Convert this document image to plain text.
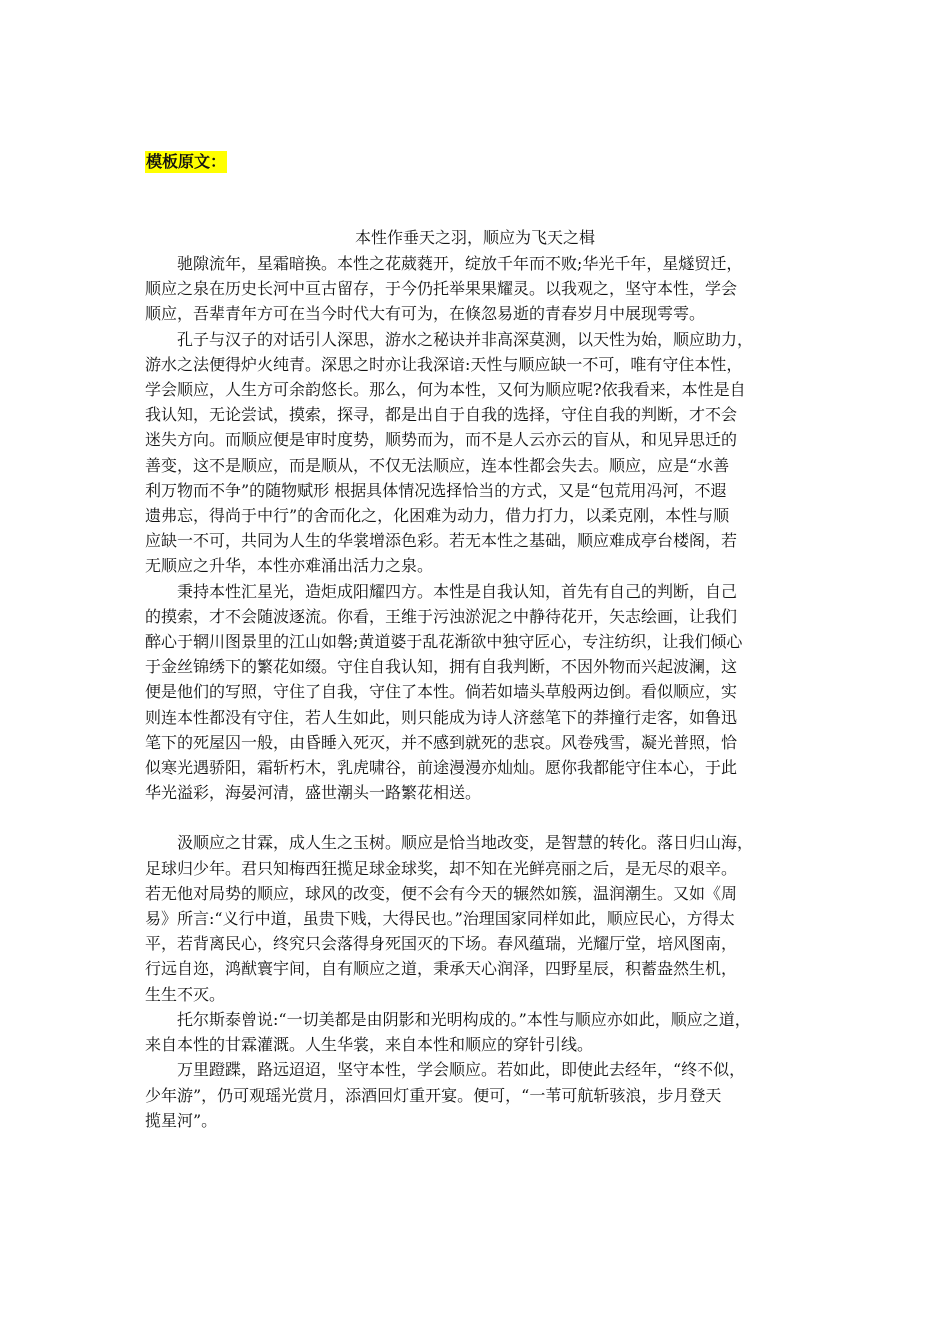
模板原文：
本性作垂天之羽，顺应为飞天之楫
驰隙流年，星霜暗换。本性之花葳蕤开，绽放千年而不败;华光千年，星燧贸迁，
顺应之泉在历史长河中亘古留存，于今仍托举果果耀灵。以我观之，坚守本性，学会
顺应，吾辈青年方可在当今时代大有可为，在倏忽易逝的青春岁月中展现雩雩。
孔子与汉子的对话引人深思，游水之秘诀并非高深莫测，以天性为始，顺应助力，
游水之法便得炉火纯青。深思之时亦让我深谙:天性与顺应缺一不可，唯有守住本性，
学会顺应，人生方可余韵悠长。那么，何为本性，又何为顺应呢?依我看来，本性是自
我认知，无论尝试，摸索，探寻，都是出自于自我的选择，守住自我的判断，才不会
迷失方向。而顺应便是审时度势，顺势而为，而不是人云亦云的盲从，和见异思迁的
善变，这不是顺应，而是顺从，不仅无法顺应，连本性都会失去。顺应，应是“水善
利万物而不争”的随物赋形 根据具体情况选择恰当的方式，又是“包荒用冯河，不遐
遗弗忘，得尚于中行”的舍而化之，化困难为动力，借力打力，以柔克刚，本性与顺
应缺一不可，共同为人生的华裳增添色彩。若无本性之基础，顺应难成亭台楼阁，若
无顺应之升华，本性亦难涌出活力之泉。
秉持本性汇星光，造炬成阳耀四方。本性是自我认知，首先有自己的判断，自己
的摸索，才不会随波逐流。你看，王维于污浊淤泥之中静待花开，矢志绘画，让我们
醉心于辋川图景里的江山如磐;黄道婆于乱花渐欲中独守匠心，专注纺织，让我们倾心
于金丝锦绣下的繁花如缀。守住自我认知，拥有自我判断，不因外物而兴起波澜，这
便是他们的写照，守住了自我，守住了本性。倘若如墙头草般两边倒。看似顺应，实
则连本性都没有守住，若人生如此，则只能成为诗人济慈笔下的莽撞行走客，如鲁迅
笔下的死屋囚一般，由昏睡入死灭，并不感到就死的悲哀。风卷残雪，凝光普照，恰
似寒光遇骄阳，霜斩朽木，乳虎啸谷，前途漫漫亦灿灿。愿你我都能守住本心，于此
华光溢彩，海晏河清，盛世潮头一路繁花相送。
汲顺应之甘霖，成人生之玉树。顺应是恰当地改变，是智慧的转化。落日归山海，
足球归少年。君只知梅西狂揽足球金球奖，却不知在光鲜亮丽之后，是无尽的艰辛。
若无他对局势的顺应，球风的改变，便不会有今天的辗然如簇，温润潮生。又如《周
易》所言:“义行中道，虽贵下贱，大得民也。”治理国家同样如此，顺应民心，方得太
平，若背离民心，终究只会落得身死国灭的下场。春风蕴瑞，光耀厅堂，培风图南，
行远自迩，鸿猷寰宇间，自有顺应之道，秉承天心润泽，四野星辰，积蓄盎然生机，
生生不灭。
托尔斯泰曾说:“一切美都是由阴影和光明构成的。”本性与顺应亦如此，顺应之道，
来自本性的甘霖灌溉。人生华裳，来自本性和顺应的穿针引线。
万里蹬蹀，路远迢迢，坚守本性，学会顺应。若如此，即使此去经年，“终不似，
少年游”，仍可观瑶光赏月，添酒回灯重开宴。便可，“一苇可航斩骇浪，步月登天
揽星河”。
